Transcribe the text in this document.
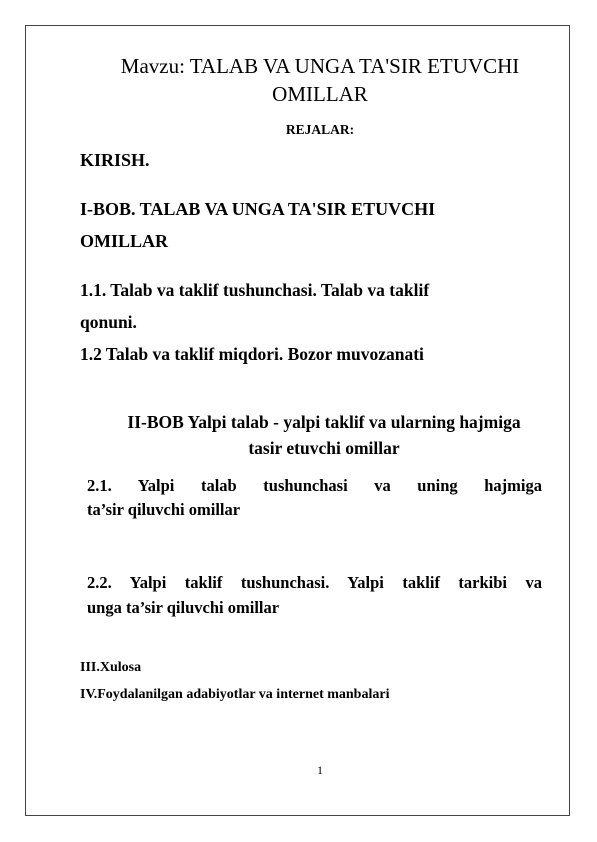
Mavzu: TALAB VA UNGA TA'SIR ETUVCHI

OMILLAR

REJALAR:

KIRISH.

I-BOB. TALAB VA UNGA TA'SIR ETUVCHI

OMILLAR

1.1. Talab va taklif tushunchasi. Talab va taklif

qonuni.

1.2 Talab va taklif miqdori. Bozor muvozanati

II-BOB Yalpi talab - yalpi taklif va ularning hajmiga

tasir etuvchi omillar

2.1. Yalpi talab tushunchasi va uning hajmiga

ta’sir qiluvchi omillar

2.2. Yalpi taklif tushunchasi. Yalpi taklif tarkibi va

unga ta’sir qiluvchi omillar

III.Xulosa

IV.Foydalanilgan adabiyotlar va internet manbalari

1
